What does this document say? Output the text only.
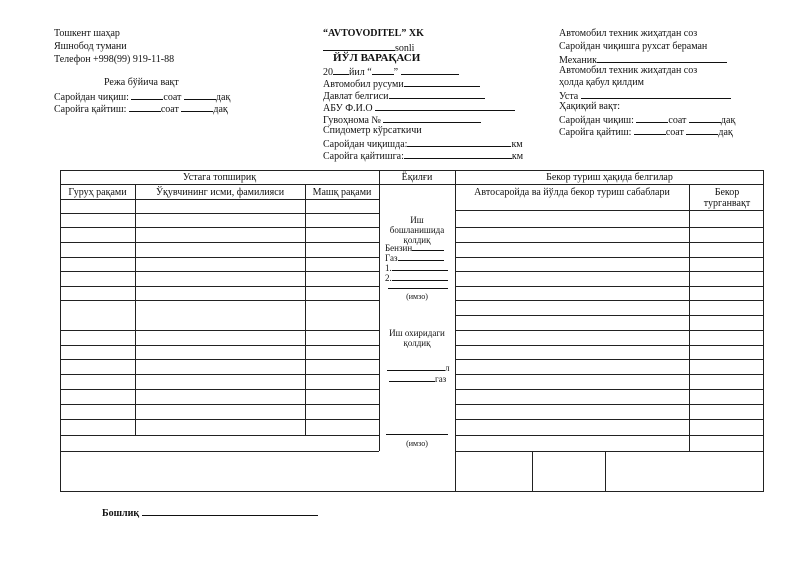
Тошкент шаҳар
Яшнобод тумани
Телефон +998(99) 919-11-88
Режа бўйича вақт
Саройдан чиқиш:	соат	дақ
Саройга қайтиш:	соат	дақ
“AVTOVODITEL” XK
sonli
ЙЎЛ ВАРАҚАСИ
20 йил “ ”
Автомобил русуми
Давлат белгиси
АБУ Ф.И.О
Гувоҳнома №
Спидометр кўрсаткичи
Саройдан чиқишда:	км
Саройга қайтишга:	км
Автомобил техник жиҳатдан соз
Саройдан чиқишга рухсат бераман
Механик
Автомобил техник жиҳатдан соз
ҳолда қабул қилдим
Уста
Ҳақиқий вақт:
Саройдан чиқиш:	соат	дақ
Саройга қайтиш:	соат	дақ
Устага топшириқ	Ёқилғи	Бекор туриш ҳақида белгилар
Гуруҳ рақами	Ўқувчининг исми, фамилияси	Машқ рақами	Автосаройда ва йўлда бекор туриш сабаблари	Бекор турганвақт
Иш бошланишида қолдиқ
Бензин
Газ
1.
2.
(имзо)
Иш охиридаги қолдиқ
л
газ
(имзо)
Бошлиқ
